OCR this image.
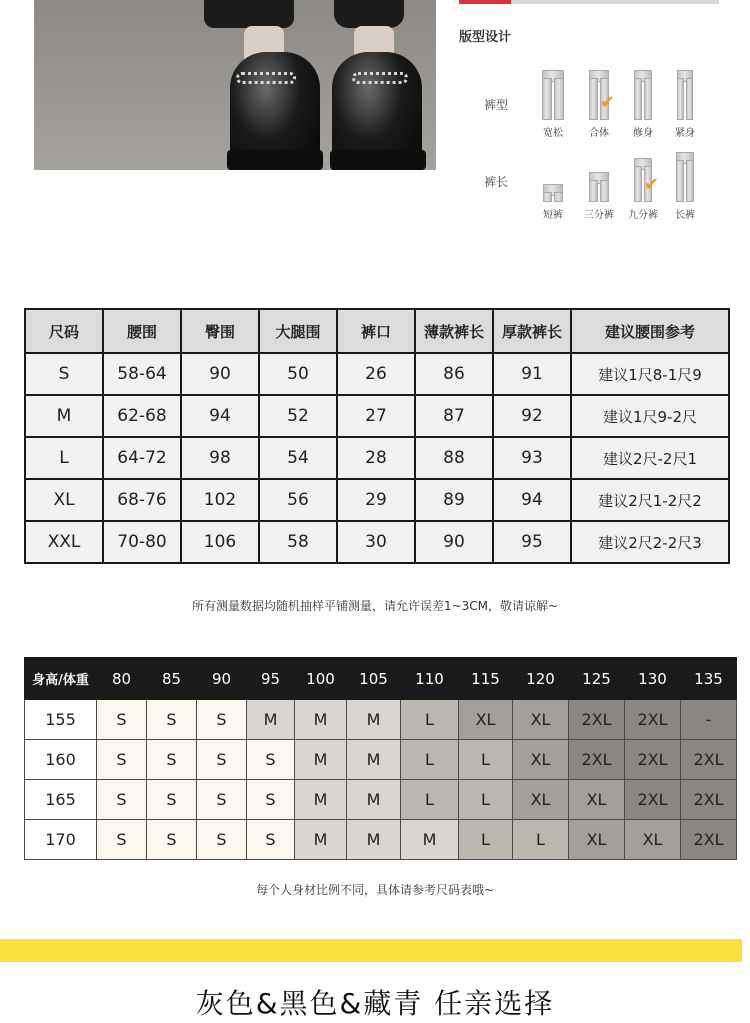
版型设计
裤型
裤长
宽松
✔
合体	修身	紧身
短裤	三分裤
✔
九分裤	长裤
尺码	腰围	臀围	大腿围	裤口	薄款裤长	厚款裤长	建议腰围参考
S	58-64	90	50	26	86	91	建议1尺8-1尺9
M	62-68	94	52	27	87	92	建议1尺9-2尺
L	64-72	98	54	28	88	93	建议2尺-2尺1
XL	68-76	102	56	29	89	94	建议2尺1-2尺2
XXL	70-80	106	58	30	90	95	建议2尺2-2尺3
所有测量数据均随机抽样平铺测量，请允许误差1~3CM，敬请谅解~
身高/体重	80	85	90	95	100	105	110	115	120	125	130	135
155	S	S	S	M	M	M	L	XL	XL	2XL	2XL	-
160	S	S	S	S	M	M	L	L	XL	2XL	2XL	2XL
165	S	S	S	S	M	M	L	L	XL	XL	2XL	2XL
170	S	S	S	S	M	M	M	L	L	XL	XL	2XL
每个人身材比例不同，具体请参考尺码表哦~
灰色&黑色&藏青 任亲选择
